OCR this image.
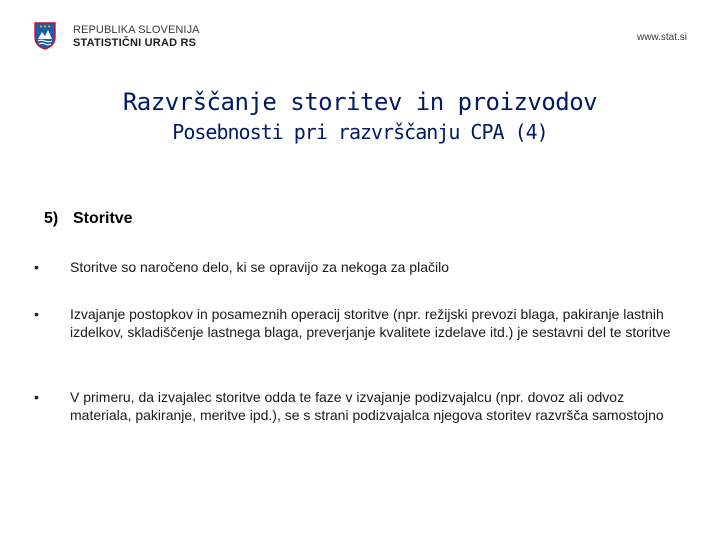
REPUBLIKA SLOVENIJA
STATISTIČNI URAD RS	www.stat.si
Razvrščanje storitev in proizvodov
Posebnosti pri razvrščanju CPA (4)
5) Storitve
• Storitve so naročeno delo, ki se opravijo za nekoga za plačilo
• Izvajanje postopkov in posameznih operacij storitve (npr. režijski prevozi blaga, pakiranje lastnih izdelkov, skladiščenje lastnega blaga, preverjanje kvalitete izdelave itd.) je sestavni del te storitve
• V primeru, da izvajalec storitve odda te faze v izvajanje podizvajalcu (npr. dovoz ali odvoz materiala, pakiranje, meritve ipd.), se s strani podizvajalca njegova storitev razvršča samostojno
